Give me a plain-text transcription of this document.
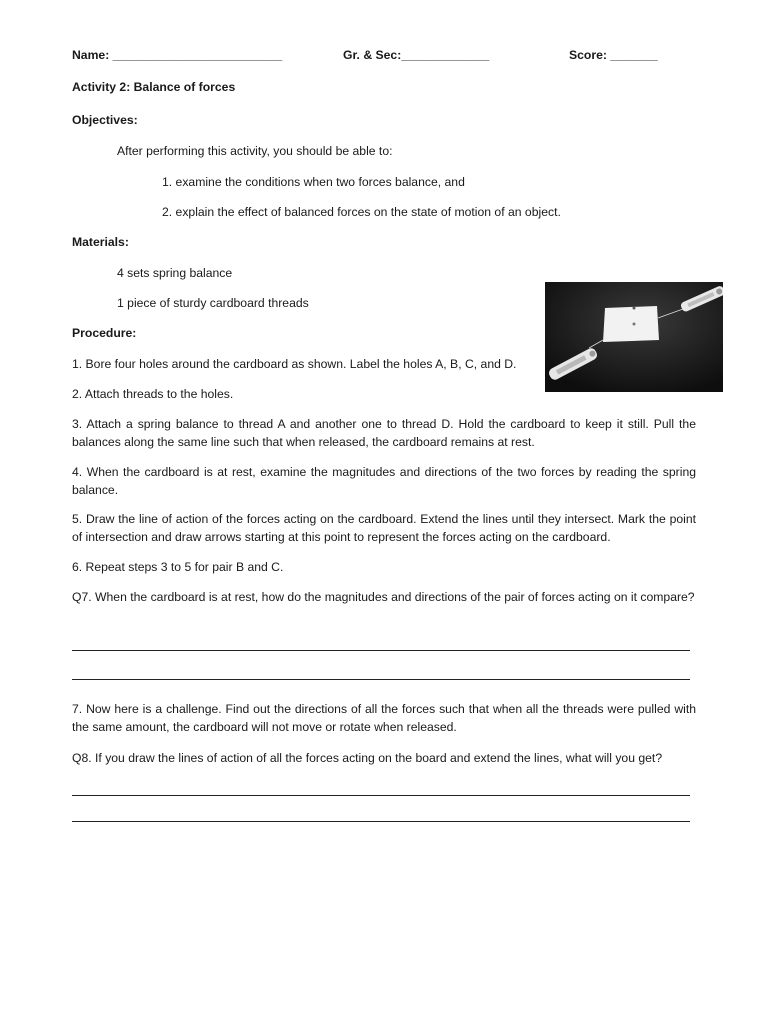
Name: _________________________	Gr. & Sec:_____________	Score: _______

Activity 2: Balance of forces

Objectives:

After performing this activity, you should be able to:

1. examine the conditions when two forces balance, and

2. explain the effect of balanced forces on the state of motion of an object.

Materials:

4 sets spring balance

1 piece of sturdy cardboard threads

Procedure:

1. Bore four holes around the cardboard as shown. Label the holes A, B, C, and D.

2. Attach threads to the holes.

3. Attach a spring balance to thread A and another one to thread D. Hold the cardboard to keep it still. Pull the balances along the same line such that when released, the cardboard remains at rest.

4. When the cardboard is at rest, examine the magnitudes and directions of the two forces by reading the spring balance.

5. Draw the line of action of the forces acting on the cardboard. Extend the lines until they intersect. Mark the point of intersection and draw arrows starting at this point to represent the forces acting on the cardboard.

6. Repeat steps 3 to 5 for pair B and C.

Q7. When the cardboard is at rest, how do the magnitudes and directions of the pair of forces acting on it compare?

7. Now here is a challenge. Find out the directions of all the forces such that when all the threads were pulled with the same amount, the cardboard will not move or rotate when released.

Q8. If you draw the lines of action of all the forces acting on the board and extend the lines, what will you get?
